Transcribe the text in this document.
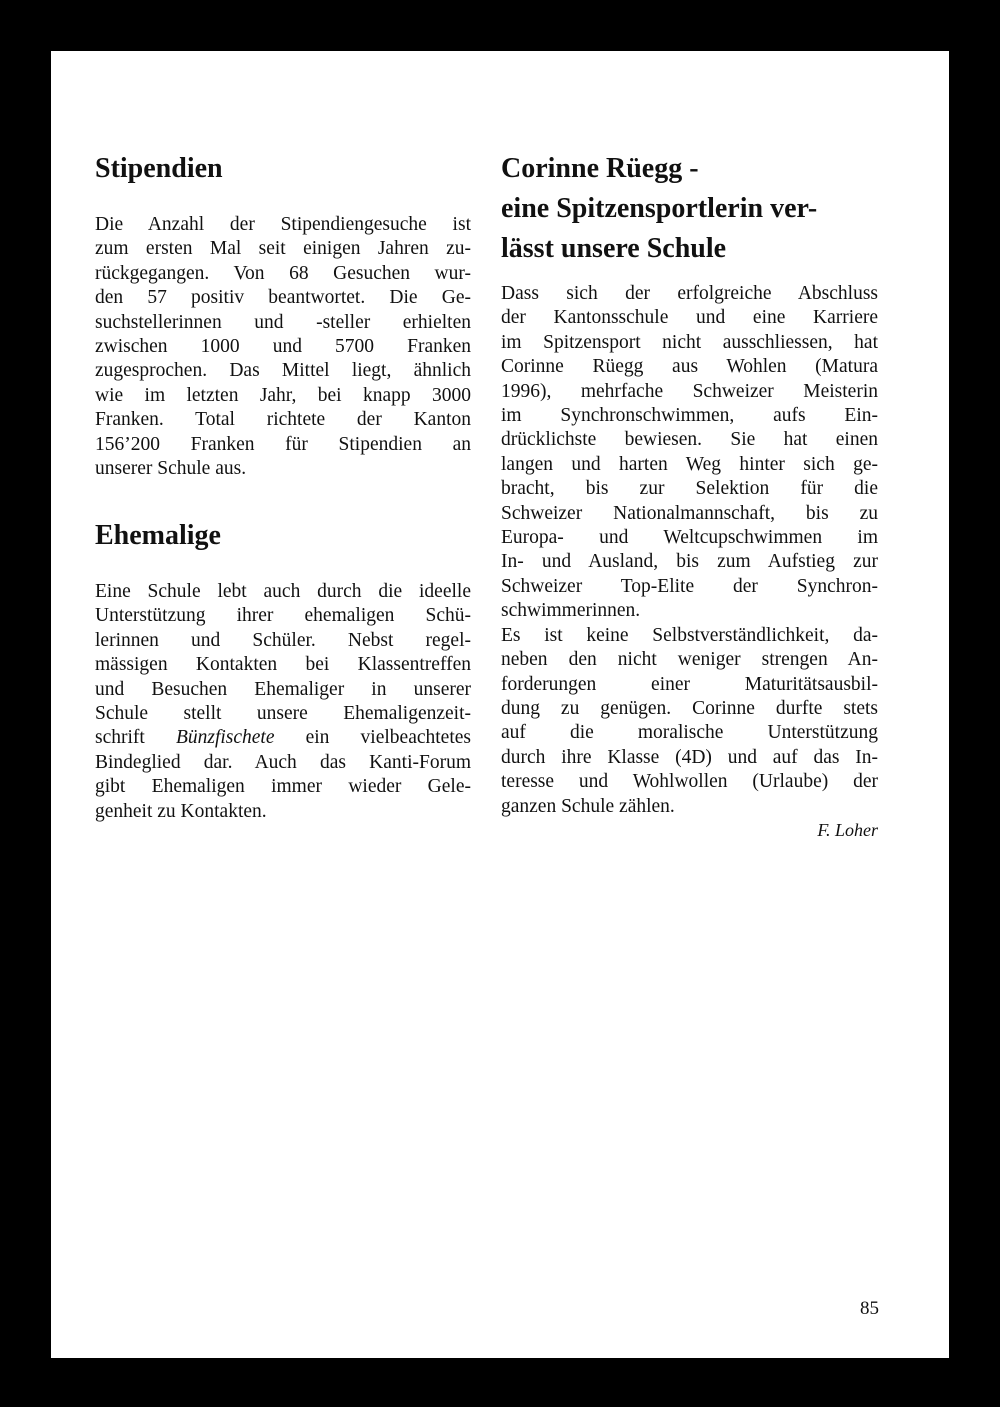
Stipendien
Die Anzahl der Stipendiengesuche ist
zum ersten Mal seit einigen Jahren zu-
rückgegangen. Von 68 Gesuchen wur-
den 57 positiv beantwortet. Die Ge-
suchstellerinnen und -steller erhielten
zwischen 1000 und 5700 Franken
zugesprochen. Das Mittel liegt, ähnlich
wie im letzten Jahr, bei knapp 3000
Franken. Total richtete der Kanton
156’200 Franken für Stipendien an
unserer Schule aus.
Ehemalige
Eine Schule lebt auch durch die ideelle
Unterstützung ihrer ehemaligen Schü-
lerinnen und Schüler. Nebst regel-
mässigen Kontakten bei Klassentreffen
und Besuchen Ehemaliger in unserer
Schule stellt unsere Ehemaligenzeit-
schrift Bünzfischete ein vielbeachtetes
Bindeglied dar. Auch das Kanti-Forum
gibt Ehemaligen immer wieder Gele-
genheit zu Kontakten.
Corinne Rüegg -
eine Spitzensportlerin ver-
lässt unsere Schule
Dass sich der erfolgreiche Abschluss
der Kantonsschule und eine Karriere
im Spitzensport nicht ausschliessen, hat
Corinne Rüegg aus Wohlen (Matura
1996), mehrfache Schweizer Meisterin
im Synchronschwimmen, aufs Ein-
drücklichste bewiesen. Sie hat einen
langen und harten Weg hinter sich ge-
bracht, bis zur Selektion für die
Schweizer Nationalmannschaft, bis zu
Europa- und Weltcupschwimmen im
In- und Ausland, bis zum Aufstieg zur
Schweizer Top-Elite der Synchron-
schwimmerinnen.
Es ist keine Selbstverständlichkeit, da-
neben den nicht weniger strengen An-
forderungen einer Maturitätsausbil-
dung zu genügen. Corinne durfte stets
auf die moralische Unterstützung
durch ihre Klasse (4D) und auf das In-
teresse und Wohlwollen (Urlaube) der
ganzen Schule zählen.
F. Loher
85
